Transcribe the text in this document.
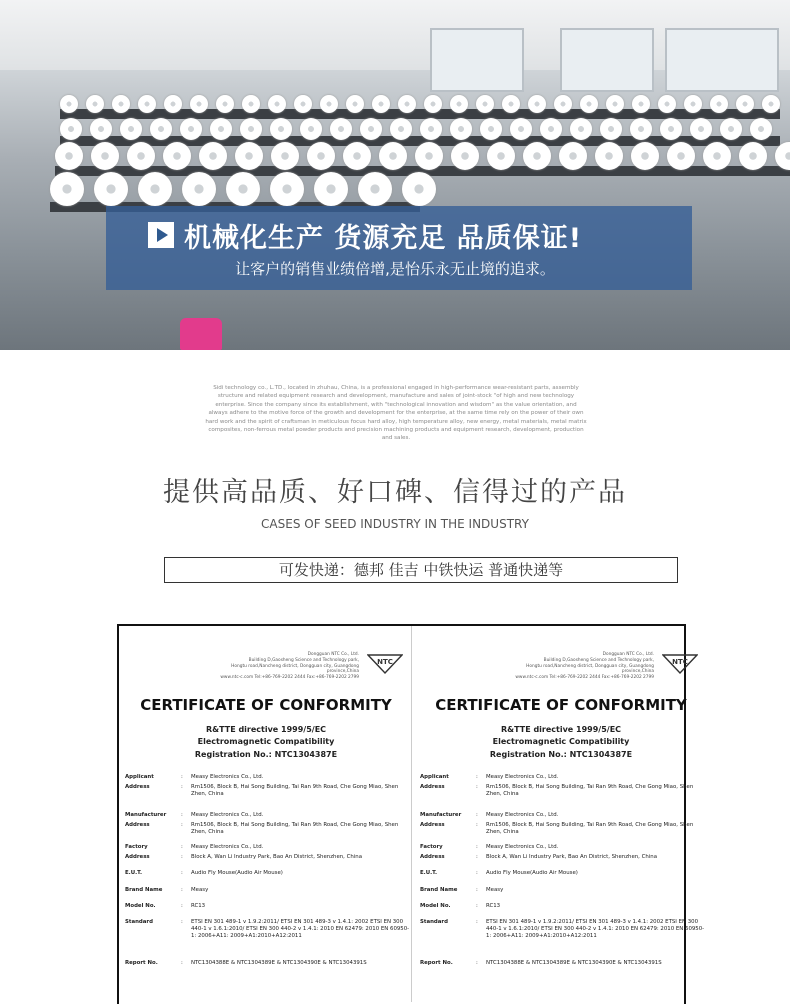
机械化生产 货源充足 品质保证!
让客户的销售业绩倍增,是怡乐永无止境的追求。
Sidi technology co., L.TD., located in zhuhau, China, is a professional engaged in high-performance wear-resistant parts, assembly structure and related equipment research and development, manufacture and sales of joint-stock "of high and new technology enterprise. Since the company since its establishment, with "technological innovation and wisdom" as the value orientation, and always adhere to the motive force of the growth and development for the enterprise, at the same time rely on the power of their own hard work and the spirit of craftsman in meticulous focus hard alloy, high temperature alloy, new energy, metal materials, metal matrix composites, non-ferrous metal powder products and precision machining products and equipment research, development, production and sales.
提供高品质、好口碑、信得过的产品
CASES OF SEED INDUSTRY IN THE INDUSTRY
可发快递：德邦 佳吉 中铁快运 普通快递等
Dongguan NTC Co., Ltd.
Building D,Gaosheng Science and Technology park,
Hongtu road,Nancheng district, Dongguan city, Guangdong province,China
www.ntc-c.com Tel:+86-769-2202 2444 Fax:+86-769-2202 2799
NTC
CERTIFICATE OF CONFORMITY
R&TTE directive 1999/5/EC
Electromagnetic Compatibility
Registration No.: NTC1304387E
Applicant	: Measy Electronics Co., Ltd.
Address	: Rm1506, Block B, Hai Song Building, Tai Ran 9th Road, Che Gong Miao, Shen Zhen, China
Manufacturer	: Measy Electronics Co., Ltd.
Address	: Rm1506, Block B, Hai Song Building, Tai Ran 9th Road, Che Gong Miao, Shen Zhen, China
Factory	: Measy Electronics Co., Ltd.
Address	: Block A, Wan Li Industry Park, Bao An District, Shenzhen, China
E.U.T.	: Audio Fly Mouse(Audio Air Mouse)
Brand Name	: Measy
Model No.	: RC13
Standard	: ETSI EN 301 489-1 v 1.9.2:2011/ ETSI EN 301 489-3 v 1.4.1: 2002 ETSI EN 300 440-1 v 1.6.1:2010/ ETSI EN 300 440-2 v 1.4.1: 2010 EN 62479: 2010 EN 60950-1: 2006+A11: 2009+A1:2010+A12:2011
Report No.	: NTC1304388E & NTC1304389E & NTC1304390E & NTC1304391S
Dongguan NTC Co., Ltd.
Building D,Gaosheng Science and Technology park,
Hongtu road,Nancheng district, Dongguan city, Guangdong province,China
www.ntc-c.com Tel:+86-769-2202 2444 Fax:+86-769-2202 2799
NTC
CERTIFICATE OF CONFORMITY
R&TTE directive 1999/5/EC
Electromagnetic Compatibility
Registration No.: NTC1304387E
Applicant	: Measy Electronics Co., Ltd.
Address	: Rm1506, Block B, Hai Song Building, Tai Ran 9th Road, Che Gong Miao, Shen Zhen, China
Manufacturer	: Measy Electronics Co., Ltd.
Address	: Rm1506, Block B, Hai Song Building, Tai Ran 9th Road, Che Gong Miao, Shen Zhen, China
Factory	: Measy Electronics Co., Ltd.
Address	: Block A, Wan Li Industry Park, Bao An District, Shenzhen, China
E.U.T.	: Audio Fly Mouse(Audio Air Mouse)
Brand Name	: Measy
Model No.	: RC13
Standard	: ETSI EN 301 489-1 v 1.9.2:2011/ ETSI EN 301 489-3 v 1.4.1: 2002 ETSI EN 300 440-1 v 1.6.1:2010/ ETSI EN 300 440-2 v 1.4.1: 2010 EN 62479: 2010 EN 60950-1: 2006+A11: 2009+A1:2010+A12:2011
Report No.	: NTC1304388E & NTC1304389E & NTC1304390E & NTC1304391S
